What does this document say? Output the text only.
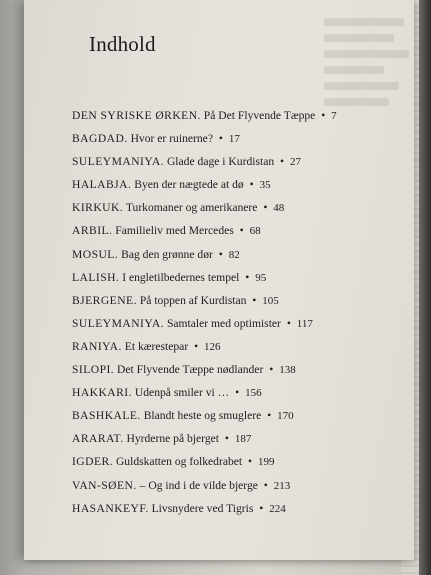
Indhold
DEN SYRISKE ØRKEN. På Det Flyvende Tæppe • 7
BAGDAD. Hvor er ruinerne? • 17
SULEYMANIYA. Glade dage i Kurdistan • 27
HALABJA. Byen der nægtede at dø • 35
KIRKUK. Turkomaner og amerikanere • 48
ARBIL. Familieliv med Mercedes • 68
MOSUL. Bag den grønne dør • 82
LALISH. I engletilbedernes tempel • 95
BJERGENE. På toppen af Kurdistan • 105
SULEYMANIYA. Samtaler med optimister • 117
RANIYA. Et kærestepar • 126
SILOPI. Det Flyvende Tæppe nødlander • 138
HAKKARI. Udenpå smiler vi … • 156
BASHKALE. Blandt heste og smuglere • 170
ARARAT. Hyrderne på bjerget • 187
IGDER. Guldskatten og folkedrabet • 199
VAN-SØEN. – Og ind i de vilde bjerge • 213
HASANKEYF. Livsnydere ved Tigris • 224
